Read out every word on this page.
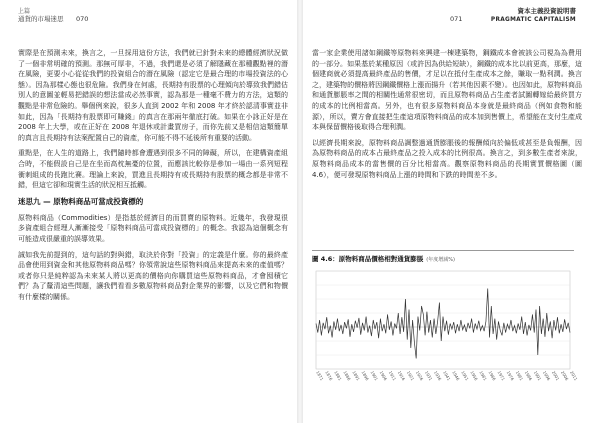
上篇
通貨的市場迷思 070

實際是在預測未來，換言之，一旦採用這份方法，我們就已針對未來的總體經濟狀況做了一個非常明確的預測。那無可厚非，不過，我們還是必須了解隱藏在那種觀點裡的潛在風險，更要小心從從我們的投資組合的潛在風險（認定它是最合理的市場投資法的心態）。因為那樣心態也很危險。我們身在何處，長期持有股票的心理傾向於導致我們錯估別人的意圖並輕易把錯誤的想法當成必然事實，認為那是一種毫不費力的方法，這類的觀點是非常危險的。舉個例來說，很多人直到 2002 年和 2008 年才終於認清事實並非如此，因為「長期持有股票即可賺錢」的真言在那兩年徹底打破。如果在小詠正好是在 2008 年上大學，或在正好在 2008 年退休或計畫買房子，而你先前又是相信這類簡單的真言且長期持有法案配置自己的資產，你可能不得不延後所有重要的活動。

重點是，在人生的道路上，我們隨時都會遭遇到很多不同的障礙，所以，在建構資產組合時，不能假設自己是在坐而高枕無憂的位置，而應該比較你是參加一場由一系列短程衝刺組成的長跑比賽。理論上來說，買進且長期持有或長期持有股票的概念都是非常不錯，但這它卻和現實生活的狀況相互抵觸。

迷思九 — 原物料商品可當成投資標的

原物料商品（Commodities）是指基於經濟目的而買賣的原物料。近幾年，我發現很多資產組合經理人漸漸接受「原物料商品可當成投資標的」的概念。我認為這個概念有可能造成很嚴重的誤導效果。

誠如我先前提到的，這句話的對與錯，取決於你對「投資」的定義是什麼。你的最終產品會使用到資金和其他原物料商品嗎？你領常說這些原物料商品來提高未來的產值嗎？或者你只是純粹認為未來某人將以更高的價格向你購買這些原物料商品，才會囤積它們？為了釐清這些問題，讓我們看看多數原物料商品對企業界的影響，以及它們和物價有什麼樣的關係。

071
資本主義投資說明書
PRAGMATIC CAPITALISM

當一家企業使用諸如鋼鐵等原物料來興建一棟建築物，鋼鐵成本會被該公司視為為費用的一部分。如果基於某種原因（或許因為供給短缺），鋼鐵的成本比以前更高，那麼，這個建商就必須提高最終產品的售價，才足以在抵付生產成本之餘，賺取一點利潤。換言之，建築物的價格將因鋼鐵價格上漲而揚升（若其他因素不變）。也因如此，原物料商品和通貨膨脹率之間的相關性通常很密切，而且原物料商品占生產者試圖轉嫁給最終買方的成本的比例相當高。另外，也有很多原物料商品本身就是最終商品（例如食物和能源），所以，賣方會直接把生產這項原物料商品的成本加到售價上，希望能在支付生產成本與保留價格後取得合理利潤。

以經濟長期來說，原物料商品調整過通貨膨脹後的報酬傾向於偏低或甚至是負報酬，因為原物料商品的成本占最終產品之投入成本的比例很高。換言之，到多數生產者來說，原物料商品成本的當售價的百分比相當高。觀察原物料商品的長期實質價格圖（圖 4.6），便可發現原物料商品上漲的時間和下跌的時間差不多。

圖 4.6：原物料商品價格相對通貨膨脹 (年度增減%)
1871 1876 1881 1886 1891 1896 1901 1906 1911 1916 1921 1926 1931 1936 1941 1946 1951 1956 1961 1966 1971 1976 1981 1986 1991 1996 2001 2006 2011
